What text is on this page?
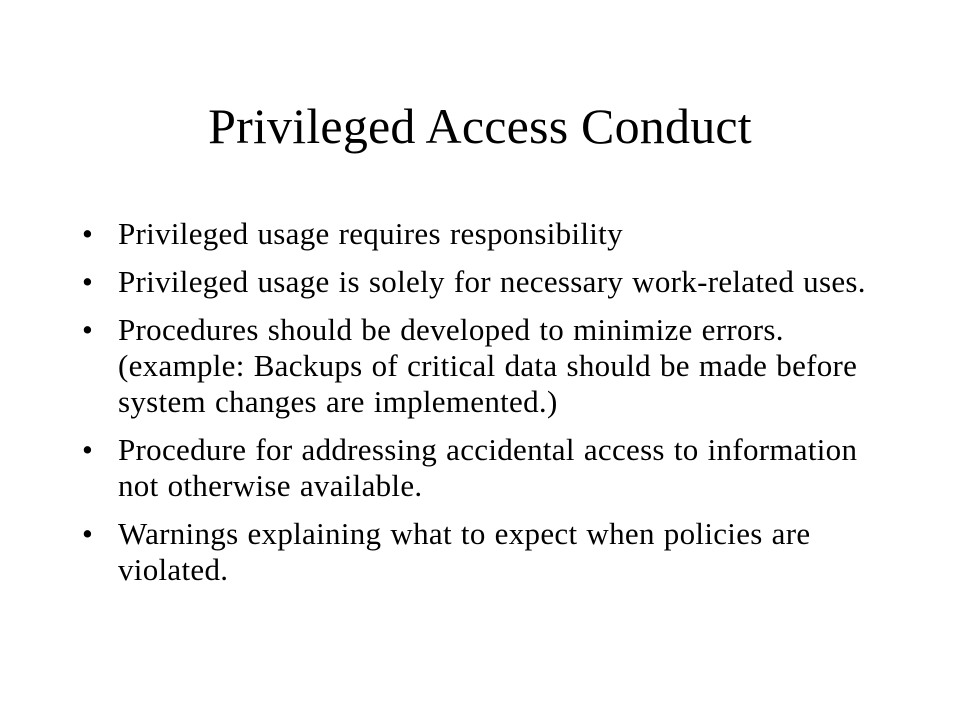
Privileged Access Conduct
• Privileged usage requires responsibility
• Privileged usage is solely for necessary work-related uses.
• Procedures should be developed to minimize errors. (example: Backups of critical data should be made before system changes are implemented.)
• Procedure for addressing accidental access to information not otherwise available.
• Warnings explaining what to expect when policies are violated.
